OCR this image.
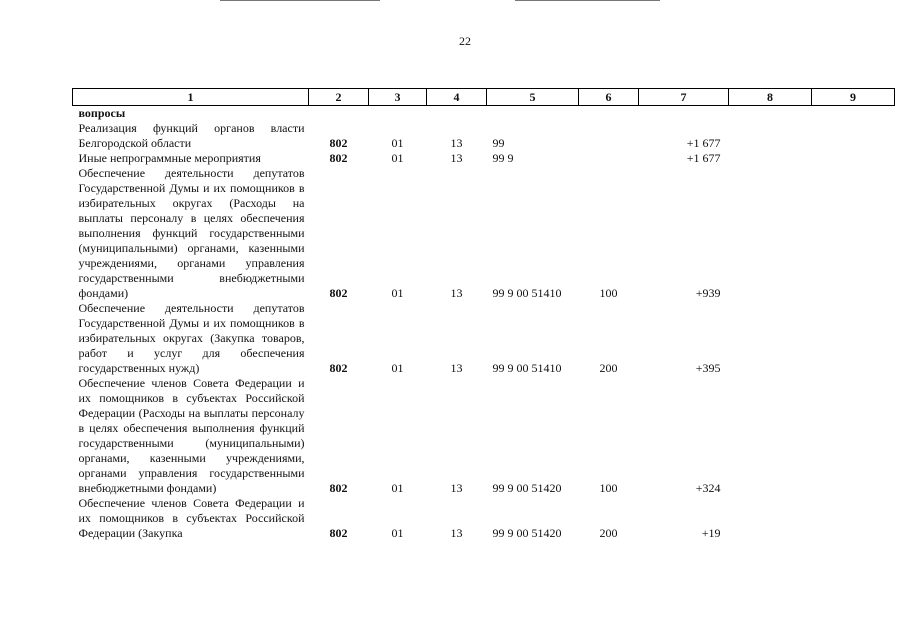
22
1	2	3	4	5	6	7	8	9
вопросы								
Реализация функций органов власти Белгородской области	802	01	13	99		+1 677		
Иные непрограммные мероприятия	802	01	13	99 9		+1 677		
Обеспечение деятельности депутатов Государственной Думы и их помощников в избирательных округах (Расходы на выплаты персоналу в целях обеспечения выполнения функций государственными (муниципальными) органами, казенными учреждениями, органами управления государственными внебюджетными фондами)	802	01	13	99 9 00 51410	100	+939		
Обеспечение деятельности депутатов Государственной Думы и их помощников в избирательных округах (Закупка товаров, работ и услуг для обеспечения государственных нужд)	802	01	13	99 9 00 51410	200	+395		
Обеспечение членов Совета Федерации и их помощников в субъектах Российской Федерации (Расходы на выплаты персоналу в целях обеспечения выполнения функций государственными (муниципальными) органами, казенными учреждениями, органами управления государственными внебюджетными фондами)	802	01	13	99 9 00 51420	100	+324		
Обеспечение членов Совета Федерации и их помощников в субъектах Российской Федерации (Закупка	802	01	13	99 9 00 51420	200	+19		
